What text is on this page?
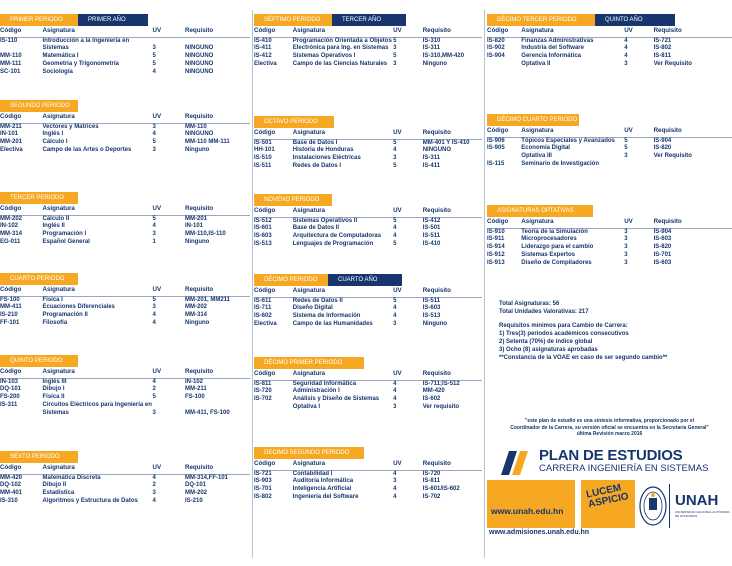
PRIMER PERIODO	PRIMER AÑO
Código	Asignatura	UV	Requisito
IS-110	Introducción a la Ingeniería en Sistemas	3	NINGUNO
MM-110	Matemática I	5	NINGUNO
MM-111	Geometría y Trigonometría	5	NINGUNO
SC-101	Sociología	4	NINGUNO
SEGUNDO PERIODO
Código	Asignatura	UV	Requisito
MM-211	Vectores y Matrices	3	MM-110
IN-101	Inglés I	4	NINGUNO
MM-201	Cálculo I	5	MM-110 MM-111
Electiva	Campo de las Artes o Deportes	3	Ninguno
TERCER PERIODO
Código	Asignatura	UV	Requisito
MM-202	Cálculo II	5	MM-201
IN-102	Inglés II	4	IN-101
MM-314	Programación I	3	MM-110,IS-110
EG-011	Español General	1	Ninguno
CUARTO PERIODO
Código	Asignatura	UV	Requisito
FS-100	Física I	5	MM-201, MM211
MM-411	Ecuaciones Diferenciales	3	MM-202
IS-210	Programación II	4	MM-314
FF-101	Filosofía	4	Ninguno
QUINTO PERIODO
Código	Asignatura	UV	Requisito
IN-103	Inglés III	4	IN-102
DQ-101	Dibujo I	2	MM-211
FS-200	Física II	5	FS-100
IS-311	Circuitos Eléctricos para Ingeniería en Sistemas	3	MM-411, FS-100
SEXTO PERIODO
Código	Asignatura	UV	Requisito
MM-420	Matemática Discreta	4	MM-314,FF-101
DQ-102	Dibujo II	2	DQ-101
MM-401	Estadística	3	MM-202
IS-310	Algoritmos y Estructura de Datos	4	IS-210
SÉPTIMO PERIODO	TERCER AÑO
Código	Asignatura	UV	Requisito
IS-410	Programación Orientada a Objetos	5	IS-310
IS-411	Electrónica para Ing. en Sistemas	3	IS-311
IS-412	Sistemas Operativos I	5	IS-310,MM-420
Electiva	Campo de las Ciencias Naturales	3	Ninguno
OCTAVO PERIODO
Código	Asignatura	UV	Requisito
IS-501	Base de Datos I	5	MM-401 Y IS-410
HH-101	Historia de Honduras	4	NINGUNO
IS-510	Instalaciones Eléctricas	3	IS-311
IS-511	Redes de Datos I	5	IS-411
NOVENO PERIODO
Código	Asignatura	UV	Requisito
IS-512	Sistemas Operativos II	5	IS-412
IS-601	Base de Datos II	4	IS-501
IS-603	Arquitectura de Computadoras	4	IS-511
IS-513	Lenguajes de Programación	5	IS-410
DÉCIMO PERIODO	CUARTO AÑO
Código	Asignatura	UV	Requisito
IS-611	Redes de Datos II	5	IS-511
IS-711	Diseño Digital	4	IS-603
IS-602	Sistema de Información	4	IS-513
Electiva	Campo de las Humanidades	3	Ninguno
DÉCIMO PRIMER PERIODO
Código	Asignatura	UV	Requisito
IS-811	Seguridad Informática	4	IS-711;IS-512
IS-720	Administración I	4	MM-420
IS-702	Análisis y Diseño de Sistemas	4	IS-602
	Optativa I	3	Ver requisito
DECIMO SEGUNDO PERIODO
Código	Asignatura	UV	Requisito
IS-721	Contabilidad I	4	IS-720
IS-903	Auditoría Informática	3	IS-811
IS-701	Inteligencia Artificial	4	IS-601/IS-602
IS-802	Ingeniería del Software	4	IS-702
DÉCIMO TERCER PERIODO	QUINTO AÑO
Código	Asignatura	UV	Requisito
IS-820	Finanzas Administrativas	4	IS-721
IS-902	Industria del Software	4	IS-802
IS-904	Gerencia Informática	4	IS-811
	Optativa II	3	Ver Requisito
DÉCIMO CUARTO PERIODO
Código	Asignatura	UV	Requisito
IS-906	Tópicos Especiales y Avanzados	5	IS-904
IS-905	Economía Digital	5	IS-820
	Optativa III	3	Ver Requisito
IS-115	Seminario de Investigación		
ASIGNATURAS OPTATIVAS
Código	Asignatura	UV	Requisito
IS-910	Teoría de la Simulación	3	IS-904
IS-911	Microprocesadores	3	IS-603
IS-914	Liderazgo para el cambio	3	IS-820
IS-912	Sistemas Expertos	3	IS-701
IS-913	Diseño de Compiladores	3	IS-603
Total Asignaturas: 56
Total Unidades Valorativas: 217
Requisitos mínimos para Cambio de Carrera:
1) Tres(3) periodos académicos consecutivos
2) Setenta (70%) de índice global
3) Ocho (8) asignaturas aprobadas
**Constancia de la VOAE en caso de ser segundo cambio**
"este plan de estudio es una síntesis informativa, proporcionado por el
Coordinador de la Carrera, su versión oficial se encuentra en la Secretaría General"
última Revisión marzo 2016
PLAN DE ESTUDIOS
CARRERA INGENIERÍA EN SISTEMAS
www.unah.edu.hn
www.admisiones.unah.edu.hn
LUCEM ASPICIO	UNAH
UNIVERSIDAD NACIONAL AUTÓNOMA DE HONDURAS
